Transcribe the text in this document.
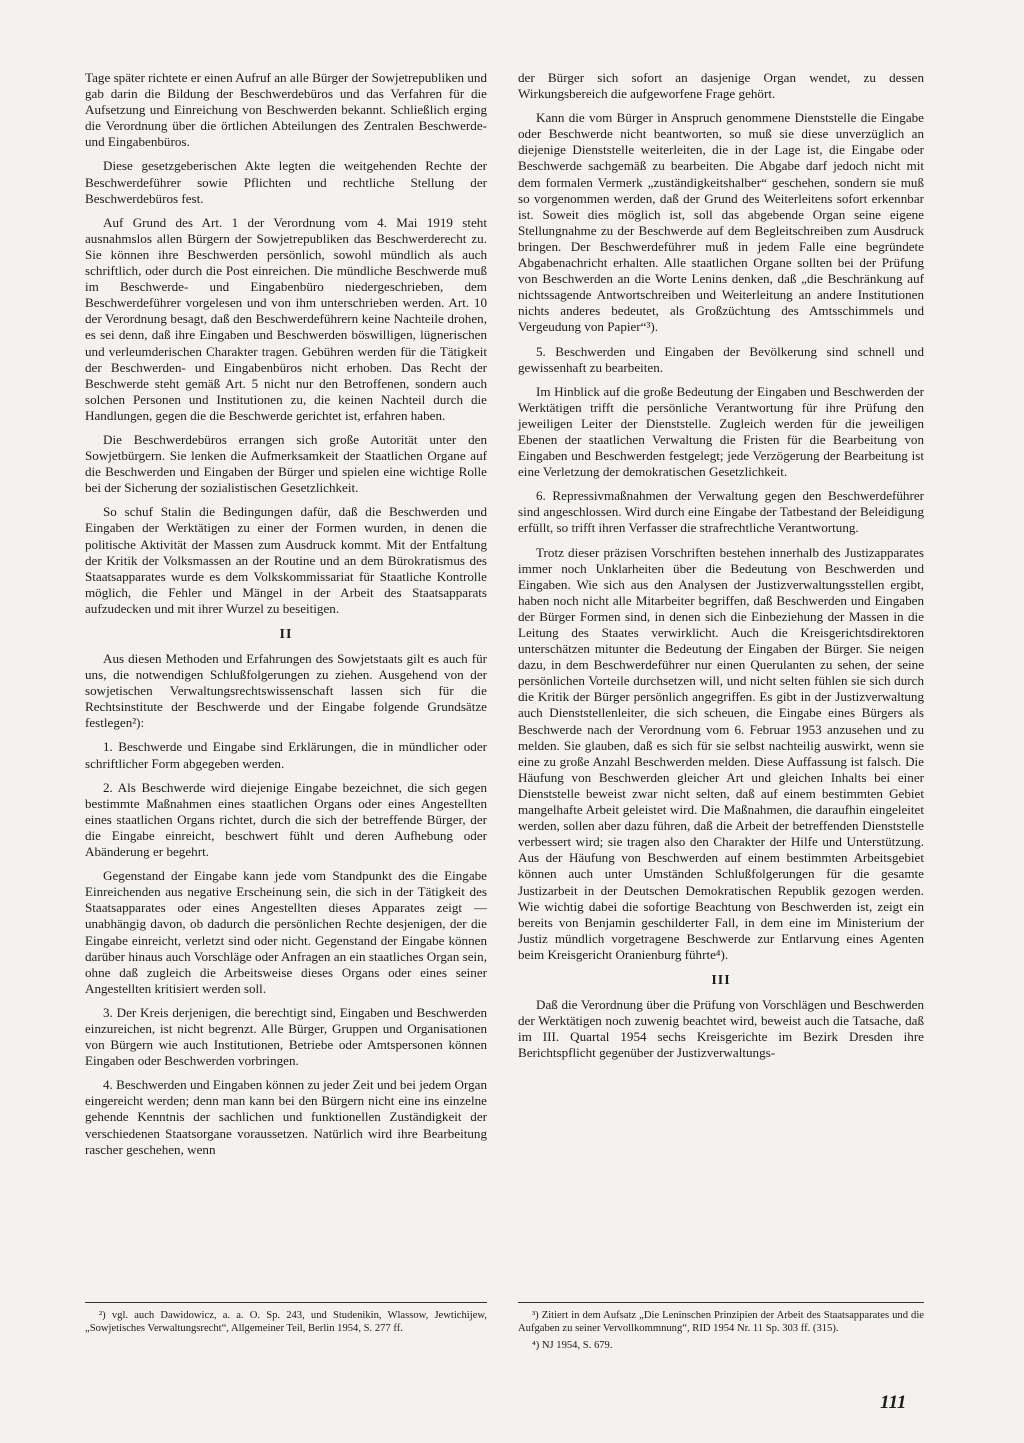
Tage später richtete er einen Aufruf an alle Bürger der Sowjetrepubliken und gab darin die Bildung der Beschwerdebüros und das Verfahren für die Aufsetzung und Einreichung von Beschwerden bekannt. Schließlich erging die Verordnung über die örtlichen Abteilungen des Zentralen Beschwerde- und Eingabenbüros.

Diese gesetzgeberischen Akte legten die weitgehenden Rechte der Beschwerdeführer sowie Pflichten und rechtliche Stellung der Beschwerdebüros fest.

Auf Grund des Art. 1 der Verordnung vom 4. Mai 1919 steht ausnahmslos allen Bürgern der Sowjetrepubliken das Beschwerderecht zu. Sie können ihre Beschwerden persönlich, sowohl mündlich als auch schriftlich, oder durch die Post einreichen. Die mündliche Beschwerde muß im Beschwerde- und Eingabenbüro niedergeschrieben, dem Beschwerdeführer vorgelesen und von ihm unterschrieben werden. Art. 10 der Verordnung besagt, daß den Beschwerdeführern keine Nachteile drohen, es sei denn, daß ihre Eingaben und Beschwerden böswilligen, lügnerischen und verleumderischen Charakter tragen. Gebühren werden für die Tätigkeit der Beschwerden- und Eingabenbüros nicht erhoben. Das Recht der Beschwerde steht gemäß Art. 5 nicht nur den Betroffenen, sondern auch solchen Personen und Institutionen zu, die keinen Nachteil durch die Handlungen, gegen die die Beschwerde gerichtet ist, erfahren haben.

Die Beschwerdebüros errangen sich große Autorität unter den Sowjetbürgern. Sie lenken die Aufmerksamkeit der Staatlichen Organe auf die Beschwerden und Eingaben der Bürger und spielen eine wichtige Rolle bei der Sicherung der sozialistischen Gesetzlichkeit.

So schuf Stalin die Bedingungen dafür, daß die Beschwerden und Eingaben der Werktätigen zu einer der Formen wurden, in denen die politische Aktivität der Massen zum Ausdruck kommt. Mit der Entfaltung der Kritik der Volksmassen an der Routine und an dem Bürokratismus des Staatsapparates wurde es dem Volkskommissariat für Staatliche Kontrolle möglich, die Fehler und Mängel in der Arbeit des Staatsapparats aufzudecken und mit ihrer Wurzel zu beseitigen.

II

Aus diesen Methoden und Erfahrungen des Sowjetstaats gilt es auch für uns, die notwendigen Schlußfolgerungen zu ziehen. Ausgehend von der sowjetischen Verwaltungsrechtswissenschaft lassen sich für die Rechtsinstitute der Beschwerde und der Eingabe folgende Grundsätze festlegen²):

1. Beschwerde und Eingabe sind Erklärungen, die in mündlicher oder schriftlicher Form abgegeben werden.

2. Als Beschwerde wird diejenige Eingabe bezeichnet, die sich gegen bestimmte Maßnahmen eines staatlichen Organs oder eines Angestellten eines staatlichen Organs richtet, durch die sich der betreffende Bürger, der die Eingabe einreicht, beschwert fühlt und deren Aufhebung oder Abänderung er begehrt.

Gegenstand der Eingabe kann jede vom Standpunkt des die Eingabe Einreichenden aus negative Erscheinung sein, die sich in der Tätigkeit des Staatsapparates oder eines Angestellten dieses Apparates zeigt — unabhängig davon, ob dadurch die persönlichen Rechte desjenigen, der die Eingabe einreicht, verletzt sind oder nicht. Gegenstand der Eingabe können darüber hinaus auch Vorschläge oder Anfragen an ein staatliches Organ sein, ohne daß zugleich die Arbeitsweise dieses Organs oder eines seiner Angestellten kritisiert werden soll.

3. Der Kreis derjenigen, die berechtigt sind, Eingaben und Beschwerden einzureichen, ist nicht begrenzt. Alle Bürger, Gruppen und Organisationen von Bürgern wie auch Institutionen, Betriebe oder Amtspersonen können Eingaben oder Beschwerden vorbringen.

4. Beschwerden und Eingaben können zu jeder Zeit und bei jedem Organ eingereicht werden; denn man kann bei den Bürgern nicht eine ins einzelne gehende Kenntnis der sachlichen und funktionellen Zuständigkeit der verschiedenen Staatsorgane voraussetzen. Natürlich wird ihre Bearbeitung rascher geschehen, wenn

der Bürger sich sofort an dasjenige Organ wendet, zu dessen Wirkungsbereich die aufgeworfene Frage gehört.

Kann die vom Bürger in Anspruch genommene Dienststelle die Eingabe oder Beschwerde nicht beantworten, so muß sie diese unverzüglich an diejenige Dienststelle weiterleiten, die in der Lage ist, die Eingabe oder Beschwerde sachgemäß zu bearbeiten. Die Abgabe darf jedoch nicht mit dem formalen Vermerk „zuständigkeitshalber“ geschehen, sondern sie muß so vorgenommen werden, daß der Grund des Weiterleitens sofort erkennbar ist. Soweit dies möglich ist, soll das abgebende Organ seine eigene Stellungnahme zu der Beschwerde auf dem Begleitschreiben zum Ausdruck bringen. Der Beschwerdeführer muß in jedem Falle eine begründete Abgabenachricht erhalten. Alle staatlichen Organe sollten bei der Prüfung von Beschwerden an die Worte Lenins denken, daß „die Beschränkung auf nichtssagende Antwortschreiben und Weiterleitung an andere Institutionen nichts anderes bedeutet, als Großzüchtung des Amtsschimmels und Vergeudung von Papier“³).

5. Beschwerden und Eingaben der Bevölkerung sind schnell und gewissenhaft zu bearbeiten.

Im Hinblick auf die große Bedeutung der Eingaben und Beschwerden der Werktätigen trifft die persönliche Verantwortung für ihre Prüfung den jeweiligen Leiter der Dienststelle. Zugleich werden für die jeweiligen Ebenen der staatlichen Verwaltung die Fristen für die Bearbeitung von Eingaben und Beschwerden festgelegt; jede Verzögerung der Bearbeitung ist eine Verletzung der demokratischen Gesetzlichkeit.

6. Repressivmaßnahmen der Verwaltung gegen den Beschwerdeführer sind angeschlossen. Wird durch eine Eingabe der Tatbestand der Beleidigung erfüllt, so trifft ihren Verfasser die strafrechtliche Verantwortung.

Trotz dieser präzisen Vorschriften bestehen innerhalb des Justizapparates immer noch Unklarheiten über die Bedeutung von Beschwerden und Eingaben. Wie sich aus den Analysen der Justizverwaltungsstellen ergibt, haben noch nicht alle Mitarbeiter begriffen, daß Beschwerden und Eingaben der Bürger Formen sind, in denen sich die Einbeziehung der Massen in die Leitung des Staates verwirklicht. Auch die Kreisgerichtsdirektoren unterschätzen mitunter die Bedeutung der Eingaben der Bürger. Sie neigen dazu, in dem Beschwerdeführer nur einen Querulanten zu sehen, der seine persönlichen Vorteile durchsetzen will, und nicht selten fühlen sie sich durch die Kritik der Bürger persönlich angegriffen. Es gibt in der Justizverwaltung auch Dienststellenleiter, die sich scheuen, die Eingabe eines Bürgers als Beschwerde nach der Verordnung vom 6. Februar 1953 anzusehen und zu melden. Sie glauben, daß es sich für sie selbst nachteilig auswirkt, wenn sie eine zu große Anzahl Beschwerden melden. Diese Auffassung ist falsch. Die Häufung von Beschwerden gleicher Art und gleichen Inhalts bei einer Dienststelle beweist zwar nicht selten, daß auf einem bestimmten Gebiet mangelhafte Arbeit geleistet wird. Die Maßnahmen, die daraufhin eingeleitet werden, sollen aber dazu führen, daß die Arbeit der betreffenden Dienststelle verbessert wird; sie tragen also den Charakter der Hilfe und Unterstützung. Aus der Häufung von Beschwerden auf einem bestimmten Arbeitsgebiet können auch unter Umständen Schlußfolgerungen für die gesamte Justizarbeit in der Deutschen Demokratischen Republik gezogen werden. Wie wichtig dabei die sofortige Beachtung von Beschwerden ist, zeigt ein bereits von Benjamin geschilderter Fall, in dem eine im Ministerium der Justiz mündlich vorgetragene Beschwerde zur Entlarvung eines Agenten beim Kreisgericht Oranienburg führte⁴).

III

Daß die Verordnung über die Prüfung von Vorschlägen und Beschwerden der Werktätigen noch zuwenig beachtet wird, beweist auch die Tatsache, daß im III. Quartal 1954 sechs Kreisgerichte im Bezirk Dresden ihre Berichtspflicht gegenüber der Justizverwaltungs-

²) vgl. auch Dawidowicz, a. a. O. Sp. 243, und Studenikin, Wlassow, Jewtichijew, „Sowjetisches Verwaltungsrecht“, Allgemeiner Teil, Berlin 1954, S. 277 ff.
³) Zitiert in dem Aufsatz „Die Leninschen Prinzipien der Arbeit des Staatsapparates und die Aufgaben zu seiner Vervollkommnung“, RID 1954 Nr. 11 Sp. 303 ff. (315).
⁴) NJ 1954, S. 679.
111
